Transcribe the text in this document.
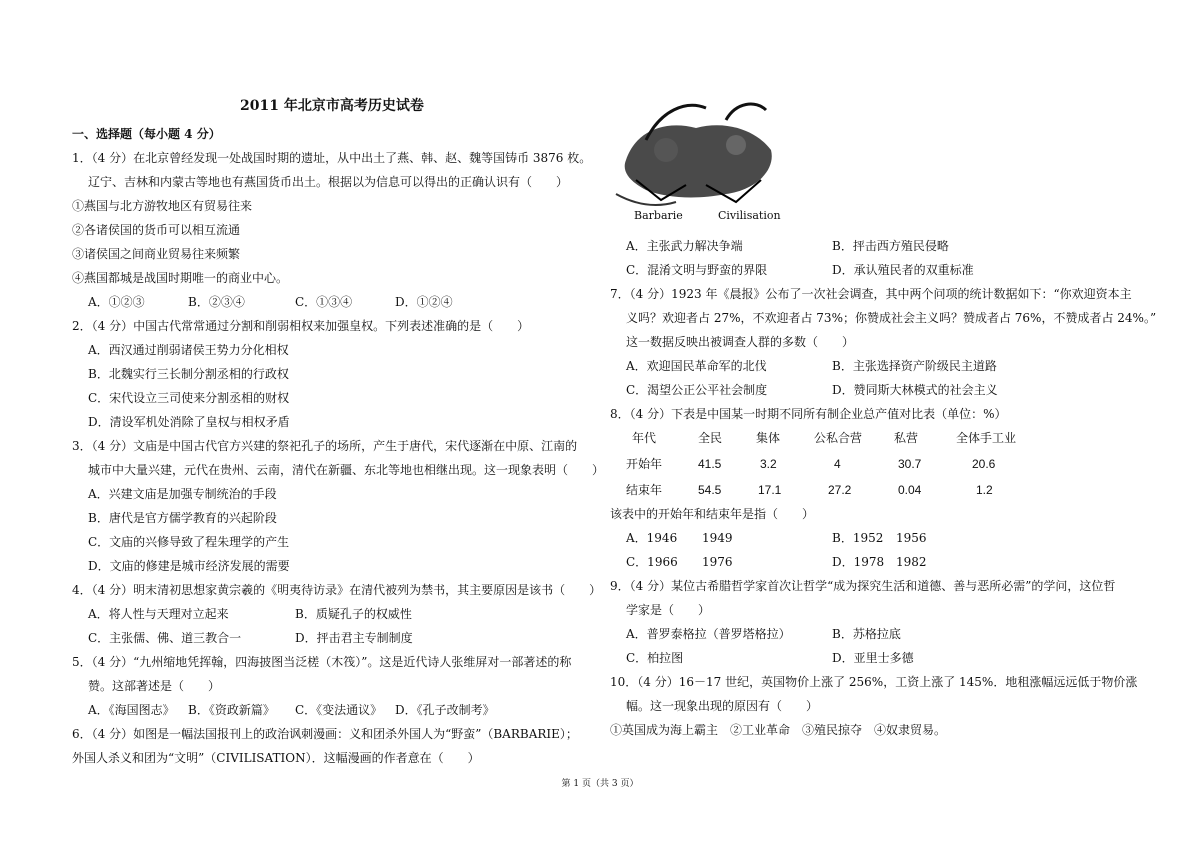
2011 年北京市高考历史试卷
一、选择题（每小题 4 分）
1．（4 分）在北京曾经发现一处战国时期的遗址，从中出土了燕、韩、赵、魏等国铸币 3876 枚。
辽宁、吉林和内蒙古等地也有燕国货币出土。根据以为信息可以得出的正确认识有（　　）
①燕国与北方游牧地区有贸易往来
②各诸侯国的货币可以相互流通
③诸侯国之间商业贸易往来频繁
④燕国都城是战国时期唯一的商业中心。
A．①②③	B．②③④	C．①③④	D．①②④
2．（4 分）中国古代常常通过分割和削弱相权来加强皇权。下列表述准确的是（　　）
A．西汉通过削弱诸侯王势力分化相权
B．北魏实行三长制分割丞相的行政权
C．宋代设立三司使来分割丞相的财权
D．清设军机处消除了皇权与相权矛盾
3．（4 分）文庙是中国古代官方兴建的祭祀孔子的场所，产生于唐代，宋代逐渐在中原、江南的
城市中大量兴建，元代在贵州、云南，清代在新疆、东北等地也相继出现。这一现象表明（　　）
A．兴建文庙是加强专制统治的手段
B．唐代是官方儒学教育的兴起阶段
C．文庙的兴修导致了程朱理学的产生
D．文庙的修建是城市经济发展的需要
4．（4 分）明末清初思想家黄宗羲的《明夷待访录》在清代被列为禁书，其主要原因是该书（　　）
A．将人性与天理对立起来	B．质疑孔子的权威性
C．主张儒、佛、道三教合一	D．抨击君主专制制度
5．（4 分）“九州缩地凭挥翰，四海披图当泛槎（木筏）”。这是近代诗人张维屏对一部著述的称
赞。这部著述是（　　）
A．《海国图志》 B．《资政新篇》 C．《变法通议》 D．《孔子改制考》
6．（4 分）如图是一幅法国报刊上的政治讽刺漫画：义和团杀外国人为“野蛮”（BARBARIE）；
外国人杀义和团为“文明”（CIVILISATION）．这幅漫画的作者意在（　　）
Barbarie	Civilisation
A．主张武力解决争端	B．抨击西方殖民侵略
C．混淆文明与野蛮的界限	D．承认殖民者的双重标准
7．（4 分）1923 年《晨报》公布了一次社会调查，其中两个问项的统计数据如下：“你欢迎资本主
义吗？欢迎者占 27%，不欢迎者占 73%；你赞成社会主义吗？赞成者占 76%，不赞成者占 24%。”
这一数据反映出被调查人群的多数（　　）
A．欢迎国民革命军的北伐	B．主张选择资产阶级民主道路
C．渴望公正公平社会制度	D．赞同斯大林模式的社会主义
8．（4 分）下表是中国某一时期不同所有制企业总产值对比表（单位：%）
年代	全民	集体	公私合营	私营	全体手工业
开始年	41.5	3.2	4	30.7	20.6
结束年	54.5	17.1	27.2	0.04	1.2
该表中的开始年和结束年是指（　　）
A．1946 1949	B．1952 1956
C．1966 1976	D．1978 1982
9．（4 分）某位古希腊哲学家首次让哲学“成为探究生活和道德、善与恶所必需”的学问，这位哲
学家是（　　）
A．普罗泰格拉（普罗塔格拉）	B．苏格拉底
C．柏拉图	D．亚里士多德
10．（4 分）16－17 世纪，英国物价上涨了 256%，工资上涨了 145%．地租涨幅远远低于物价涨
幅。这一现象出现的原因有（　　）
①英国成为海上霸主　②工业革命　③殖民掠夺　④奴隶贸易。
第 1 页（共 3 页）
